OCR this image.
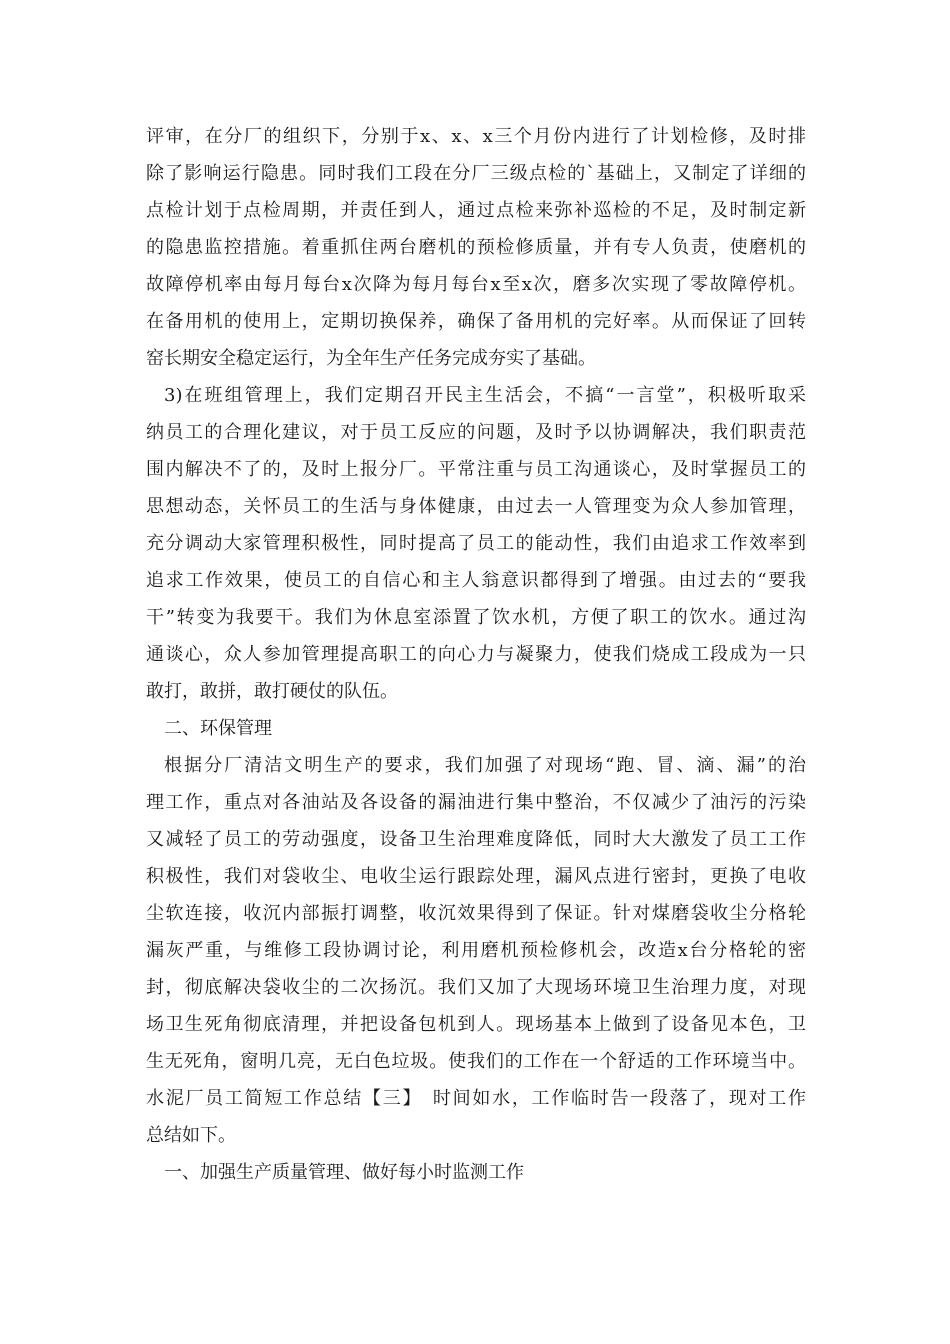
评审，在分厂的组织下，分别于x、x、x三个月份内进行了计划检修，及时排
除了影响运行隐患。同时我们工段在分厂三级点检的`基础上，又制定了详细的
点检计划于点检周期，并责任到人，通过点检来弥补巡检的不足，及时制定新
的隐患监控措施。着重抓住两台磨机的预检修质量，并有专人负责，使磨机的
故障停机率由每月每台x次降为每月每台x至x次，磨多次实现了零故障停机。
在备用机的使用上，定期切换保养，确保了备用机的完好率。从而保证了回转
窑长期安全稳定运行，为全年生产任务完成夯实了基础。
3)在班组管理上，我们定期召开民主生活会，不搞“一言堂”，积极听取采
纳员工的合理化建议，对于员工反应的问题，及时予以协调解决，我们职责范
围内解决不了的，及时上报分厂。平常注重与员工沟通谈心，及时掌握员工的
思想动态，关怀员工的生活与身体健康，由过去一人管理变为众人参加管理，
充分调动大家管理积极性，同时提高了员工的能动性，我们由追求工作效率到
追求工作效果，使员工的自信心和主人翁意识都得到了增强。由过去的“要我
干”转变为我要干。我们为休息室添置了饮水机，方便了职工的饮水。通过沟
通谈心，众人参加管理提高职工的向心力与凝聚力，使我们烧成工段成为一只
敢打，敢拼，敢打硬仗的队伍。
二、环保管理
根据分厂清洁文明生产的要求，我们加强了对现场“跑、冒、滴、漏”的治
理工作，重点对各油站及各设备的漏油进行集中整治，不仅减少了油污的污染
又减轻了员工的劳动强度，设备卫生治理难度降低，同时大大激发了员工工作
积极性，我们对袋收尘、电收尘运行跟踪处理，漏风点进行密封，更换了电收
尘软连接，收沉内部振打调整，收沉效果得到了保证。针对煤磨袋收尘分格轮
漏灰严重，与维修工段协调讨论，利用磨机预检修机会，改造x台分格轮的密
封，彻底解决袋收尘的二次扬沉。我们又加了大现场环境卫生治理力度，对现
场卫生死角彻底清理，并把设备包机到人。现场基本上做到了设备见本色，卫
生无死角，窗明几亮，无白色垃圾。使我们的工作在一个舒适的工作环境当中。
水泥厂员工简短工作总结【三】　时间如水，工作临时告一段落了，现对工作
总结如下。
一、加强生产质量管理、做好每小时监测工作
